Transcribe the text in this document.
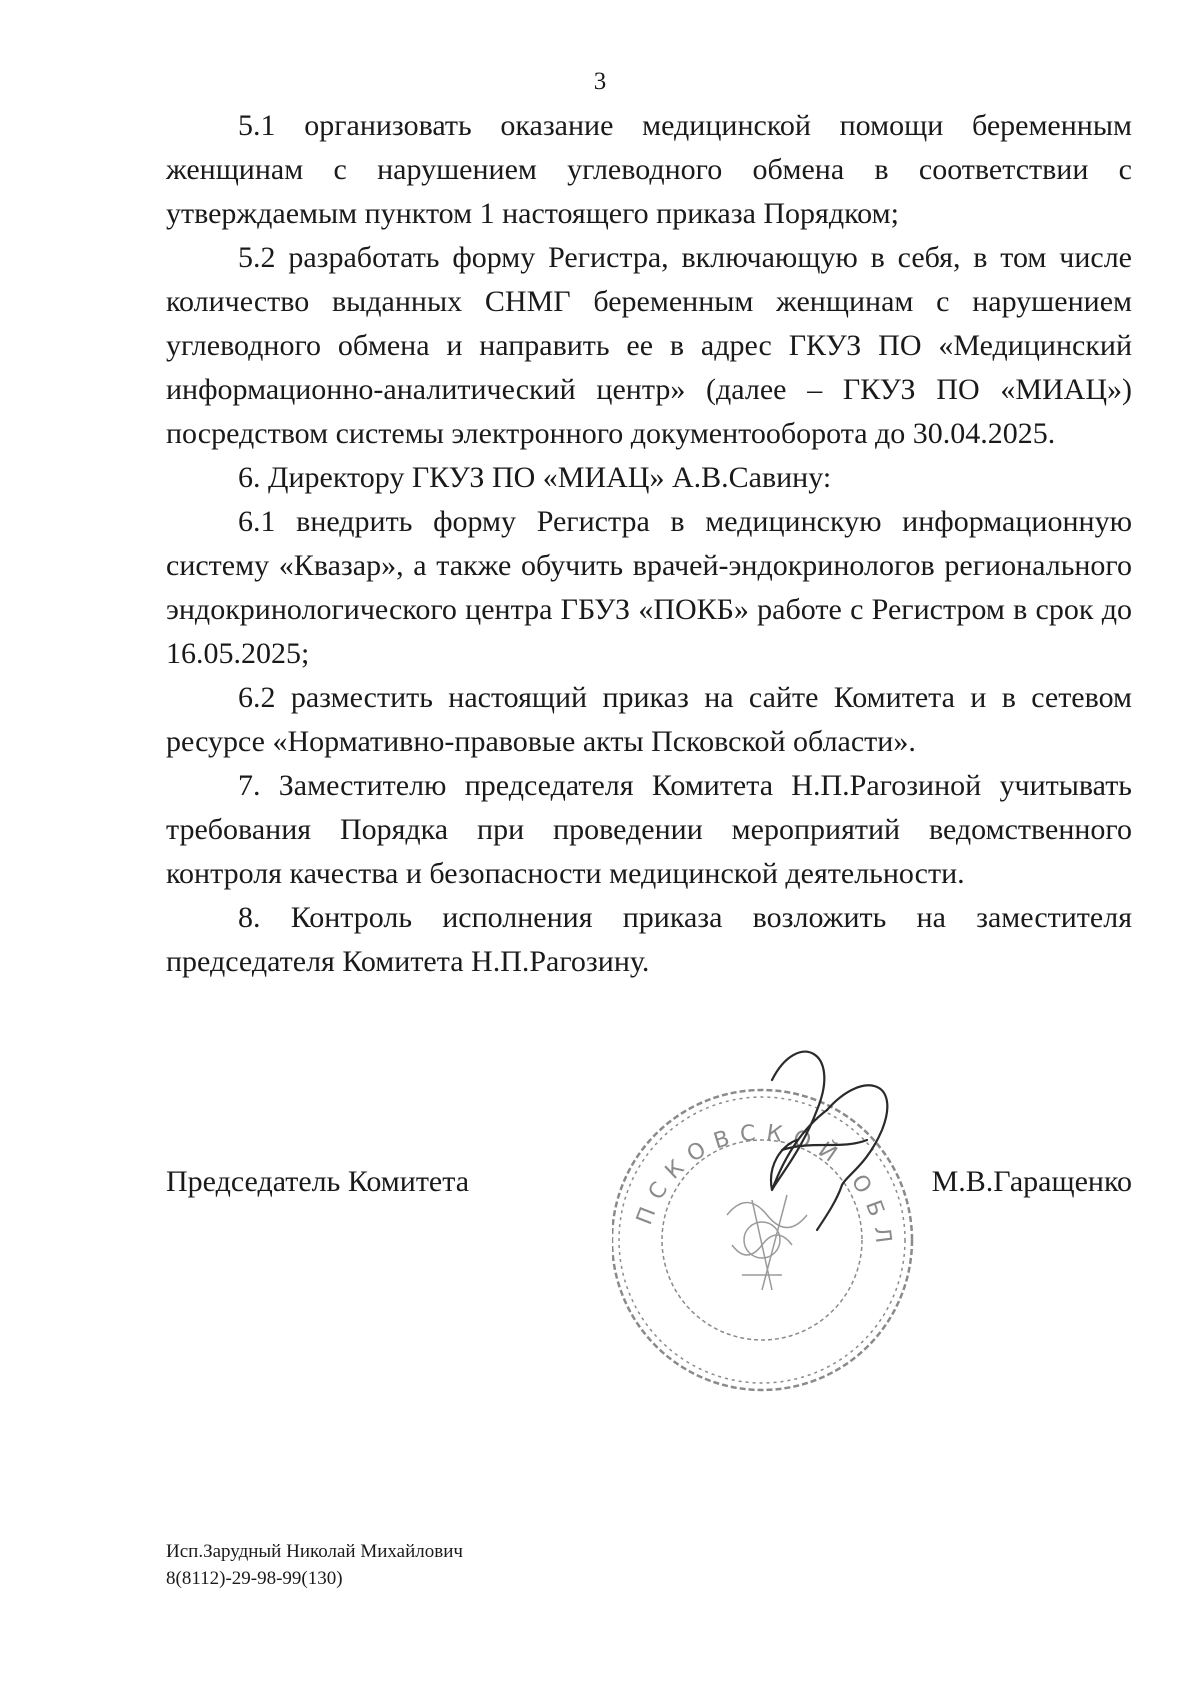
3

5.1 организовать оказание медицинской помощи беременным женщинам с нарушением углеводного обмена в соответствии с утверждаемым пунктом 1 настоящего приказа Порядком;

5.2 разработать форму Регистра, включающую в себя, в том числе количество выданных СНМГ беременным женщинам с нарушением углеводного обмена и направить ее в адрес ГКУЗ ПО «Медицинский информационно-аналитический центр» (далее – ГКУЗ ПО «МИАЦ») посредством системы электронного документооборота до 30.04.2025.

6. Директору ГКУЗ ПО «МИАЦ» А.В.Савину:

6.1 внедрить форму Регистра в медицинскую информационную систему «Квазар», а также обучить врачей-эндокринологов регионального эндокринологического центра ГБУЗ «ПОКБ» работе с Регистром в срок до 16.05.2025;

6.2 разместить настоящий приказ на сайте Комитета и в сетевом ресурсе «Нормативно-правовые акты Псковской области».

7. Заместителю председателя Комитета Н.П.Рагозиной учитывать требования Порядка при проведении мероприятий ведомственного контроля качества и безопасности медицинской деятельности.

8. Контроль исполнения приказа возложить на заместителя председателя Комитета Н.П.Рагозину.

ПСКОВСКОЙ ОБЛ
Председатель Комитета	М.В.Гаращенко
Исп.Зарудный Николай Михайлович
8(8112)-29-98-99(130)
